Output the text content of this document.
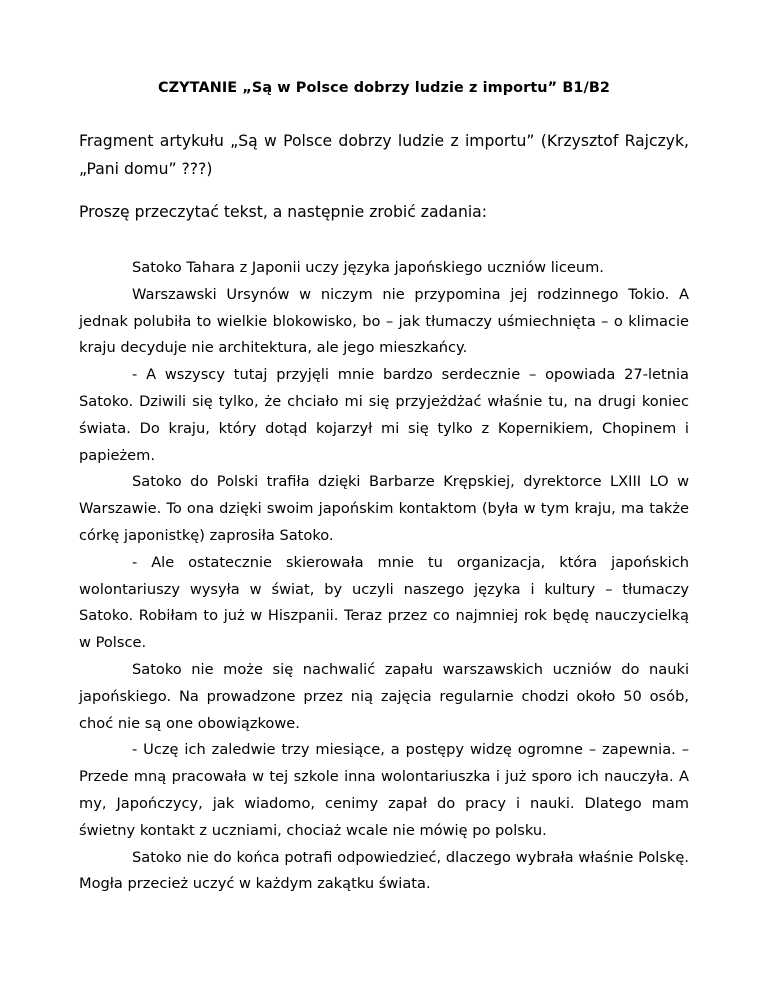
CZYTANIE „Są w Polsce dobrzy ludzie z importu” B1/B2
Fragment artykułu „Są w Polsce dobrzy ludzie z importu” (Krzysztof Rajczyk, „Pani domu” ???)
Proszę przeczytać tekst, a następnie zrobić zadania:

Satoko Tahara z Japonii uczy języka japońskiego uczniów liceum.

Warszawski Ursynów w niczym nie przypomina jej rodzinnego Tokio. A jednak polubiła to wielkie blokowisko, bo – jak tłumaczy uśmiechnięta – o klimacie kraju decyduje nie architektura, ale jego mieszkańcy.

- A wszyscy tutaj przyjęli mnie bardzo serdecznie – opowiada 27-letnia Satoko. Dziwili się tylko, że chciało mi się przyjeżdżać właśnie tu, na drugi koniec świata. Do kraju, który dotąd kojarzył mi się tylko z Kopernikiem, Chopinem i papieżem.

Satoko do Polski trafiła dzięki Barbarze Krępskiej, dyrektorce LXIII LO w Warszawie. To ona dzięki swoim japońskim kontaktom (była w tym kraju, ma także córkę japonistkę) zaprosiła Satoko.

- Ale ostatecznie skierowała mnie tu organizacja, która japońskich wolontariuszy wysyła w świat, by uczyli naszego języka i kultury – tłumaczy Satoko. Robiłam to już w Hiszpanii. Teraz przez co najmniej rok będę nauczycielką w Polsce.

Satoko nie może się nachwalić zapału warszawskich uczniów do nauki japońskiego. Na prowadzone przez nią zajęcia regularnie chodzi około 50 osób, choć nie są one obowiązkowe.

- Uczę ich zaledwie trzy miesiące, a postępy widzę ogromne – zapewnia. – Przede mną pracowała w tej szkole inna wolontariuszka i już sporo ich nauczyła. A my, Japończycy, jak wiadomo, cenimy zapał do pracy i nauki. Dlatego mam świetny kontakt z uczniami, chociaż wcale nie mówię po polsku.

Satoko nie do końca potrafi odpowiedzieć, dlaczego wybrała właśnie Polskę. Mogła przecież uczyć w każdym zakątku świata.
